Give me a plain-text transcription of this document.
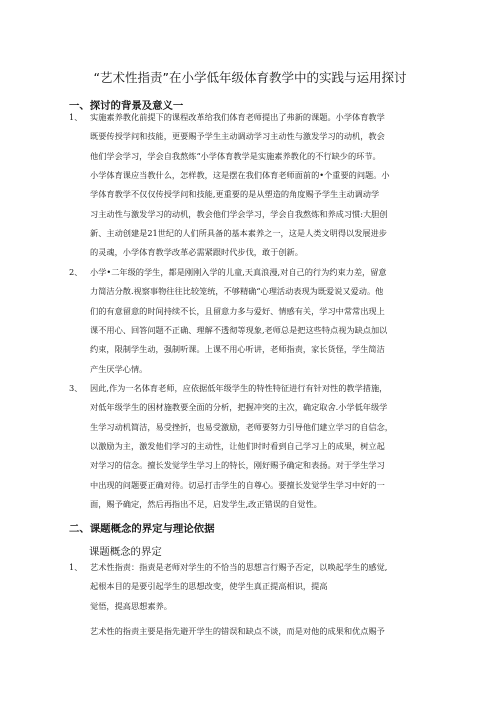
“艺术性指责”在小学低年级体育教学中的实践与运用探讨
一、探讨的背景及意义一
1、 实施素养教化前提下的课程改革给我们体育老师提出了弗新的课题。小学体育教学
既要传授学问和技能，更要赐予学生主动调动学习主动性与激发学习的动机，教会
他们学会学习，学会自我熬炼“小学体育教学是实施素养教化的不行缺少的环节。
小学体育课应当教什么，怎样教，这是摆在我们体育老师面前的•个重要的问题。小
学体育教学不仅仅传授学问和技能,更重要的是从塑造的角度赐予学生主动调动学
习主动性与激发学习的动机，教会他们学会学习，学会自我熬炼和养成习惯:大胆创
新、主动创建是21世纪的人们所具备的基本素养之一，这是人类文明得以发展进步
的灵魂，小学体育教学改革必需紧跟时代步伐，敢于创新。
2、 小学•二年级的学生，都是刚刚入学的儿童,天真浪漫,对自己的行为约束力差，留意
力简洁分散.视察事物往往比较笼统，不够精确“心理活动表现为既爱说又爱动。他
们的有意留意的时间持续不长，且留意力多与爱好、情感有关，学习中常常出现上
课不用心、回答问题不正确、理解不透彻等现象,老师总是把这些特点视为缺点加以
约束，限制学生动，强制听课。上课不用心听讲，老师指责，家长货怪，学生简洁
产生厌学心情。
3、 因此,作为一名体育老师，应依据低年级学生的特性特征进行有针对性的教学措施，
对低年级学生的困材施教要全面的分析，把握冲突的主次，确定取舍.小学低年级学
生学习动机简洁，易受挫折，也易受激励，老师要努力引导他们建立学习的自信念，
以激励为主，激发他们学习的主动性，让他们时时看到自己学习上的成果，树立起
对学习的信念。擅长发觉学生学习上的特长，刚好赐予确定和表扬。对于学生学习
中出现的问题要正确对待。切忌打击学生的自尊心。要擅长发觉学生学习中好的一
面，赐予确定，然后再指出不足，启发学生,改正错误的自觉性。
二、课题概念的界定与理论依据
课题概念的界定
1、 艺术性指责：指责是老师对学生的不恰当的思想言行赐予否定，以唤起学生的感觉,
起根本目的是要引起学生的思想改变，使学生真正提高相识，提高
觉悟，提高思想素养。
艺术性的指责主要是指先避开学生的错误和缺点不谈，而是对他的成果和优点赐予
